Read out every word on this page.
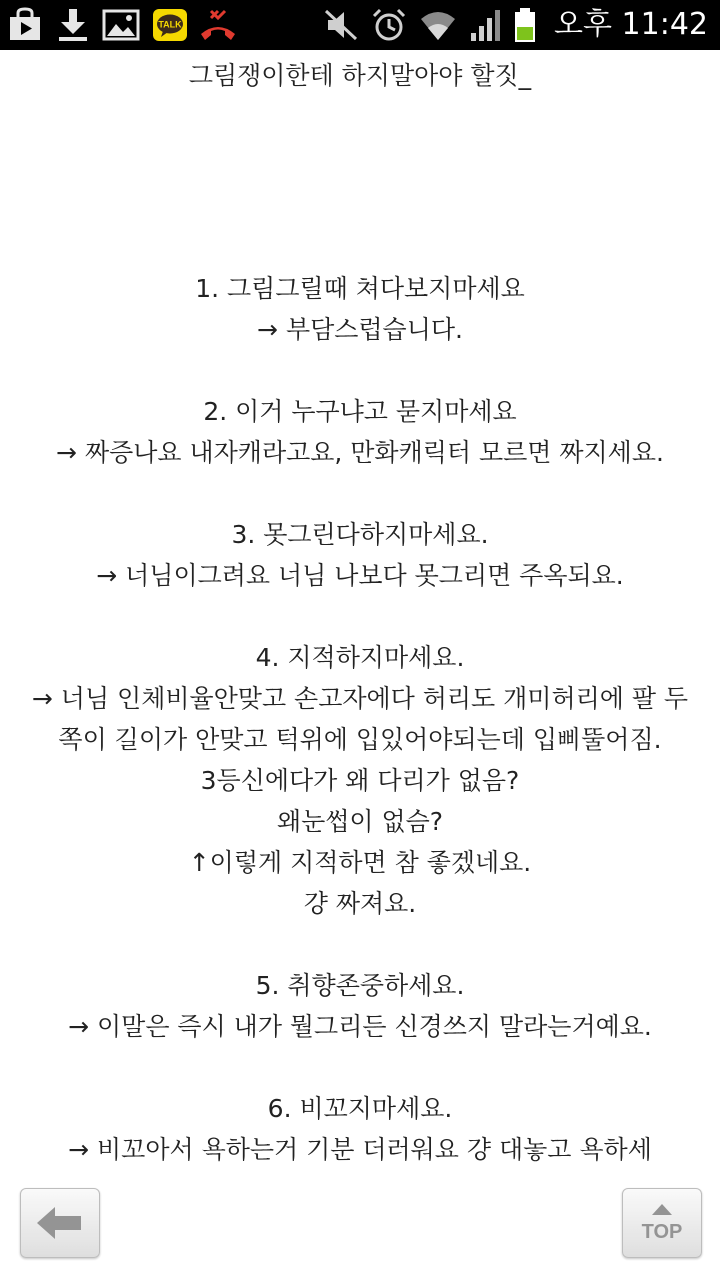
TALK	오후 11:42
그림쟁이한테 하지말아야 할짓_
1. 그림그릴때 쳐다보지마세요
→ 부담스럽습니다.
2. 이거 누구냐고 묻지마세요
→ 짜증나요 내자캐라고요, 만화캐릭터 모르면 짜지세요.
3. 못그린다하지마세요.
→ 너님이그려요 너님 나보다 못그리면 주옥되요.
4. 지적하지마세요.
→ 너님 인체비율안맞고 손고자에다 허리도 개미허리에 팔 두쪽이 길이가 안맞고 턱위에 입있어야되는데 입삐뚤어짐.
3등신에다가 왜 다리가 없음?
왜눈썹이 없슴?
↑이렇게 지적하면 참 좋겠네요.
걍 짜져요.
5. 취향존중하세요.
→ 이말은 즉시 내가 뭘그리든 신경쓰지 말라는거예요.
6. 비꼬지마세요.
→ 비꼬아서 욕하는거 기분 더러워요 걍 대놓고 욕하세
TOP
